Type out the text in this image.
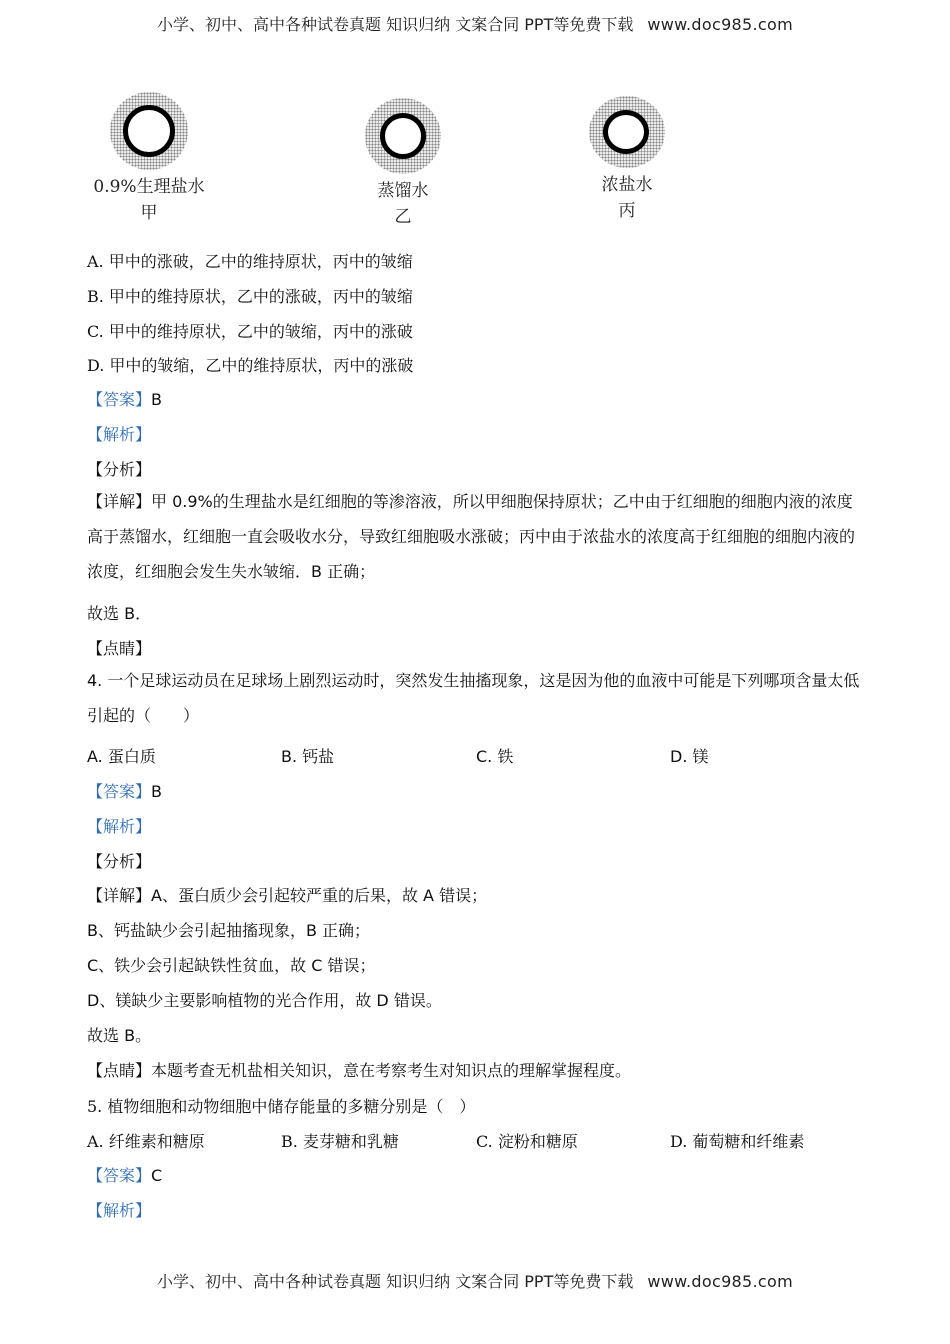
小学、初中、高中各种试卷真题 知识归纳 文案合同 PPT等免费下载 www.doc985.com
0.9%生理盐水
甲
蒸馏水
乙
浓盐水
丙
A. 甲中的涨破，乙中的维持原状，丙中的皱缩
B. 甲中的维持原状，乙中的涨破，丙中的皱缩
C. 甲中的维持原状，乙中的皱缩，丙中的涨破
D. 甲中的皱缩，乙中的维持原状，丙中的涨破
【答案】B
【解析】
【分析】
【详解】甲 0.9%的生理盐水是红细胞的等渗溶液，所以甲细胞保持原状；乙中由于红细胞的细胞内液的浓度高于蒸馏水，红细胞一直会吸收水分，导致红细胞吸水涨破；丙中由于浓盐水的浓度高于红细胞的细胞内液的浓度，红细胞会发生失水皱缩．B 正确；
故选 B．
【点睛】
4. 一个足球运动员在足球场上剧烈运动时，突然发生抽搐现象，这是因为他的血液中可能是下列哪项含量太低引起的（　　）
A. 蛋白质	B. 钙盐	C. 铁	D. 镁
【答案】B
【解析】
【分析】
【详解】A、蛋白质少会引起较严重的后果，故 A 错误；
B、钙盐缺少会引起抽搐现象，B 正确；
C、铁少会引起缺铁性贫血，故 C 错误；
D、镁缺少主要影响植物的光合作用，故 D 错误。
故选 B。
【点睛】本题考查无机盐相关知识，意在考察考生对知识点的理解掌握程度。
5. 植物细胞和动物细胞中储存能量的多糖分别是（　）
A. 纤维素和糖原	B. 麦芽糖和乳糖	C. 淀粉和糖原	D. 葡萄糖和纤维素
【答案】C
【解析】
小学、初中、高中各种试卷真题 知识归纳 文案合同 PPT等免费下载 www.doc985.com
